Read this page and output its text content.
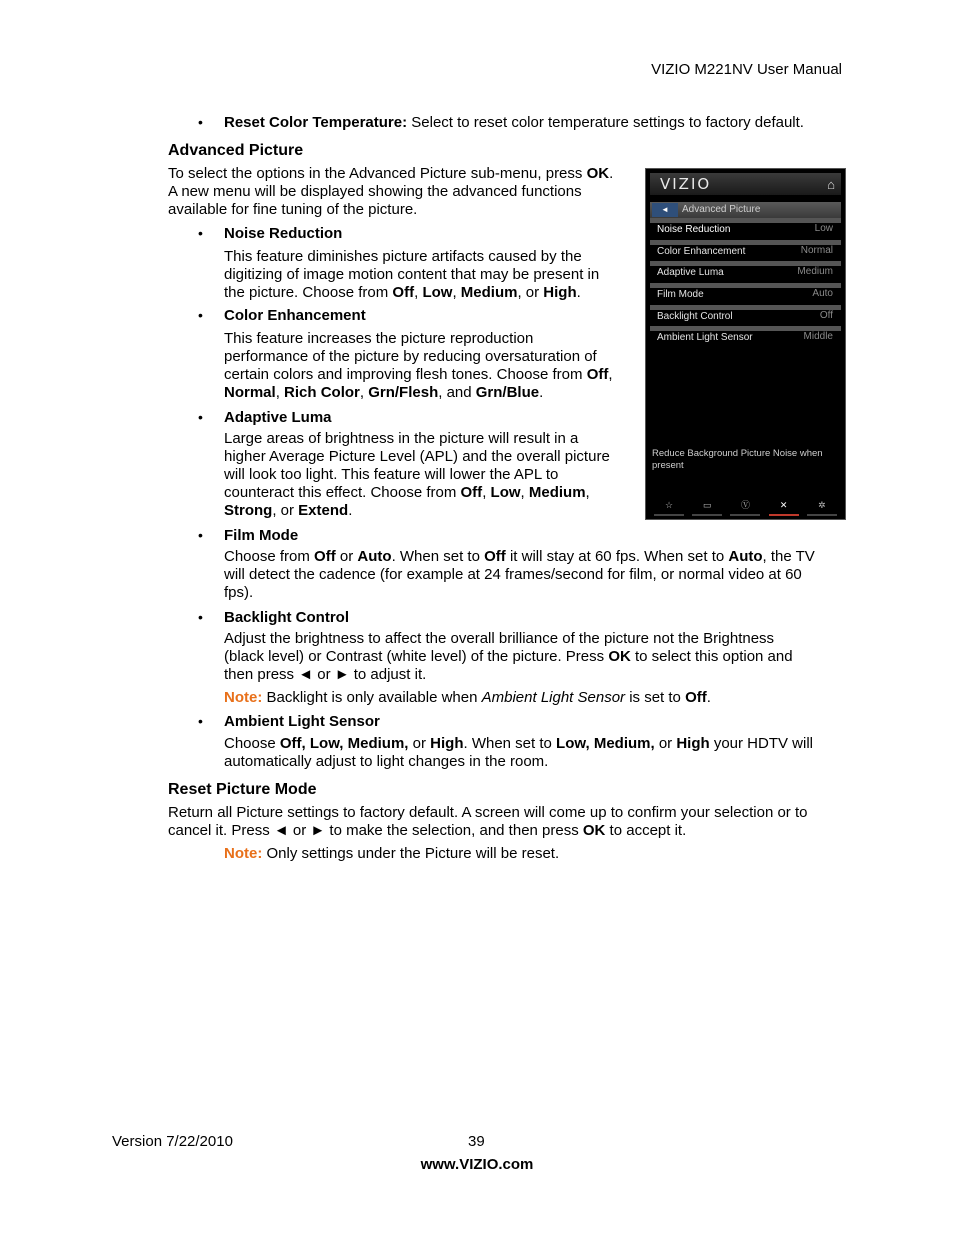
VIZIO M221NV User Manual
• Reset Color Temperature: Select to reset color temperature settings to factory default.
Advanced Picture
To select the options in the Advanced Picture sub-menu, press OK.
A new menu will be displayed showing the advanced functions
available for fine tuning of the picture.
• Noise Reduction
This feature diminishes picture artifacts caused by the
digitizing of image motion content that may be present in
the picture. Choose from Off, Low, Medium, or High.
• Color Enhancement
This feature increases the picture reproduction
performance of the picture by reducing oversaturation of
certain colors and improving flesh tones. Choose from Off,
Normal, Rich Color, Grn/Flesh, and Grn/Blue.
• Adaptive Luma
Large areas of brightness in the picture will result in a
higher Average Picture Level (APL) and the overall picture
will look too light. This feature will lower the APL to
counteract this effect. Choose from Off, Low, Medium,
Strong, or Extend.
• Film Mode
Choose from Off or Auto. When set to Off it will stay at 60 fps. When set to Auto, the TV
will detect the cadence (for example at 24 frames/second for film, or normal video at 60
fps).
• Backlight Control
Adjust the brightness to affect the overall brilliance of the picture not the Brightness
(black level) or Contrast (white level) of the picture. Press OK to select this option and
then press ◄ or ► to adjust it.
Note: Backlight is only available when Ambient Light Sensor is set to Off.
• Ambient Light Sensor
Choose Off, Low, Medium, or High. When set to Low, Medium, or High your HDTV will
automatically adjust to light changes in the room.
Reset Picture Mode
Return all Picture settings to factory default. A screen will come up to confirm your selection or to
cancel it. Press ◄ or ► to make the selection, and then press OK to accept it.
Note: Only settings under the Picture will be reset.
VIZIO	⌂
◄	Advanced Picture
Noise Reduction	Low
Color Enhancement	Normal
Adaptive Luma	Medium
Film Mode	Auto
Backlight Control	Off
Ambient Light Sensor	Middle
Reduce Background Picture Noise when present
☆	▭	Ⓥ	✕	✲
Version 7/22/2010	39
www.VIZIO.com
